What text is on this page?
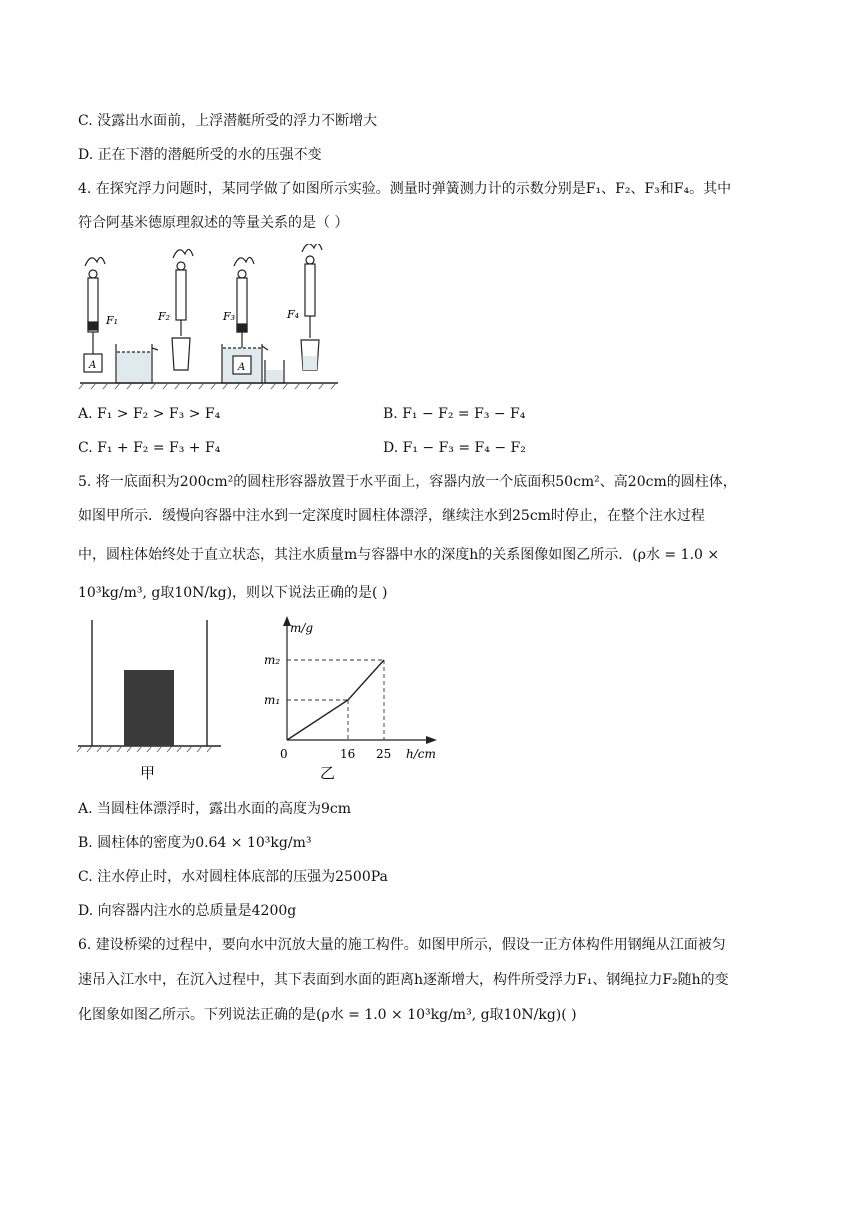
C. 没露出水面前，上浮潜艇所受的浮力不断增大
D. 正在下潜的潜艇所受的水的压强不变
4. 在探究浮力问题时，某同学做了如图所示实验。测量时弹簧测力计的示数分别是F₁、F₂、F₃和F₄。其中
符合阿基米德原理叙述的等量关系的是（ ）
F₁
A
F₂	F₃
A
F₄
A. F₁ > F₂ > F₃ > F₄	B. F₁ − F₂ = F₃ − F₄
C. F₁ + F₂ = F₃ + F₄	D. F₁ − F₃ = F₄ − F₂
5. 将一底面积为200cm²的圆柱形容器放置于水平面上，容器内放一个底面积50cm²、高20cm的圆柱体，
如图甲所示．缓慢向容器中注水到一定深度时圆柱体漂浮，继续注水到25cm时停止，在整个注水过程
中，圆柱体始终处于直立状态，其注水质量m与容器中水的深度h的关系图像如图乙所示．(ρ水 = 1.0 ×
10³kg/m³, g取10N/kg)，则以下说法正确的是( )
甲
m/g
h/cm
0	16 25
m₁
m₂
乙
A. 当圆柱体漂浮时，露出水面的高度为9cm
B. 圆柱体的密度为0.64 × 10³kg/m³
C. 注水停止时，水对圆柱体底部的压强为2500Pa
D. 向容器内注水的总质量是4200g
6. 建设桥梁的过程中，要向水中沉放大量的施工构件。如图甲所示，假设一正方体构件用钢绳从江面被匀
速吊入江水中，在沉入过程中，其下表面到水面的距离h逐渐增大，构件所受浮力F₁、钢绳拉力F₂随h的变
化图象如图乙所示。下列说法正确的是(ρ水 = 1.0 × 10³kg/m³, g取10N/kg)( )
